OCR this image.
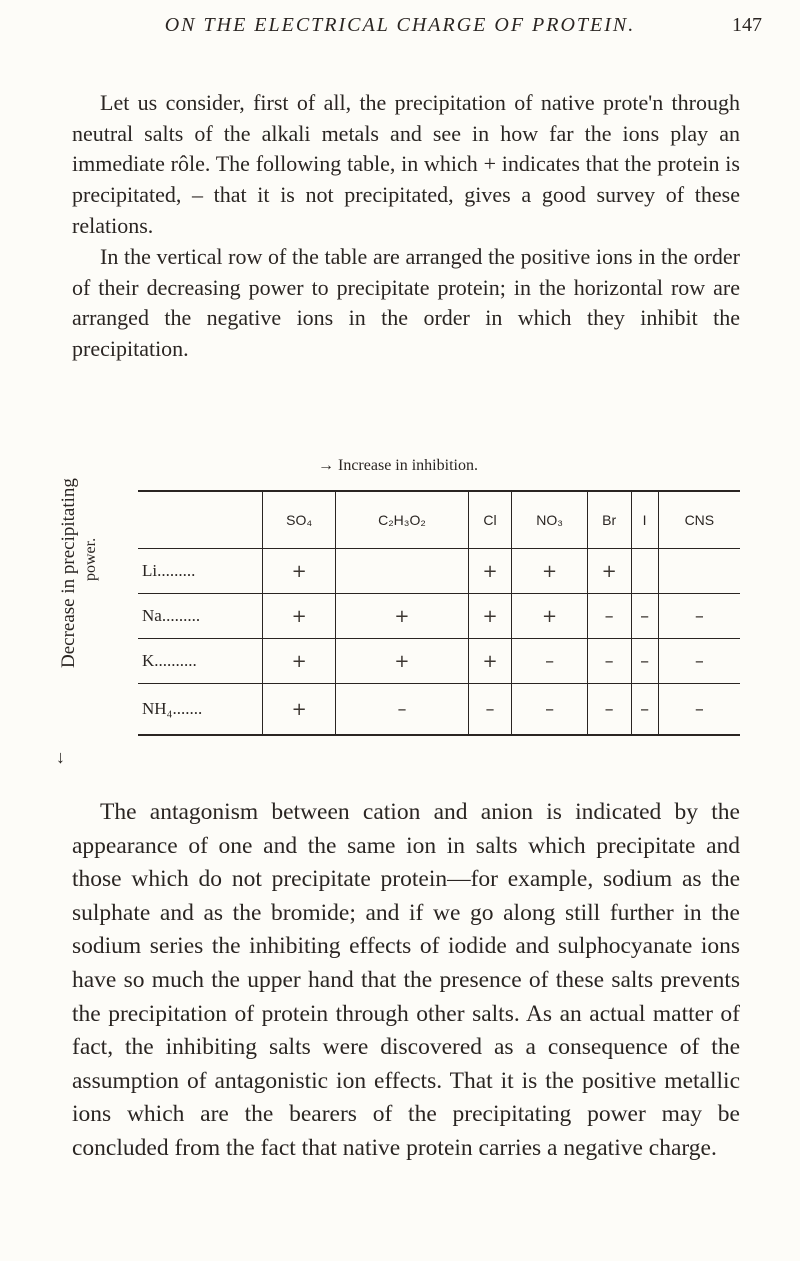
ON THE ELECTRICAL CHARGE OF PROTEIN.	147

Let us consider, first of all, the precipitation of native prote'n through neutral salts of the alkali metals and see in how far the ions play an immediate rôle. The following table, in which + indicates that the protein is precipitated, – that it is not precipitated, gives a good survey of these relations.

In the vertical row of the table are arranged the positive ions in the order of their decreasing power to precipitate protein; in the horizontal row are arranged the negative ions in the order in which they inhibit the precipitation.

Decrease in precipitating power.
↓
→ Increase in inhibition.
	SO₄	C₂H₃O₂	Cl	NO₃	Br	I	CNS
Li.........	+		+	+	+		
Na.........	+	+	+	+	–	–	–
K..........	+	+	+	–	–	–	–
NH₄.......	+	–	–	–	–	–	–

The antagonism between cation and anion is indicated by the appearance of one and the same ion in salts which precipitate and those which do not precipitate protein—for example, sodium as the sulphate and as the bromide; and if we go along still further in the sodium series the inhibiting effects of iodide and sulphocyanate ions have so much the upper hand that the presence of these salts prevents the precipitation of protein through other salts. As an actual matter of fact, the inhibiting salts were discovered as a consequence of the assumption of antagonistic ion effects. That it is the positive metallic ions which are the bearers of the precipitating power may be concluded from the fact that native protein carries a negative charge.
